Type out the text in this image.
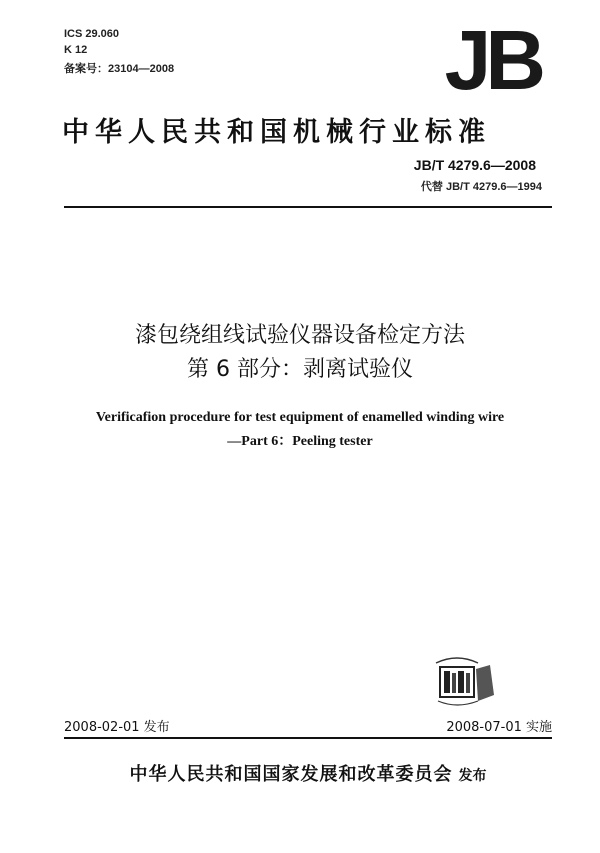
ICS 29.060
K 12
备案号：23104—2008	JB
中华人民共和国机械行业标准
JB/T 4279.6—2008
代替 JB/T 4279.6—1994
漆包绕组线试验仪器设备检定方法
第 6 部分：剥离试验仪
Verificafion procedure for test equipment of enamelled winding wire
—Part 6：Peeling tester
2008-02-01 发布	2008-07-01 实施
中华人民共和国国家发展和改革委员会 发布
